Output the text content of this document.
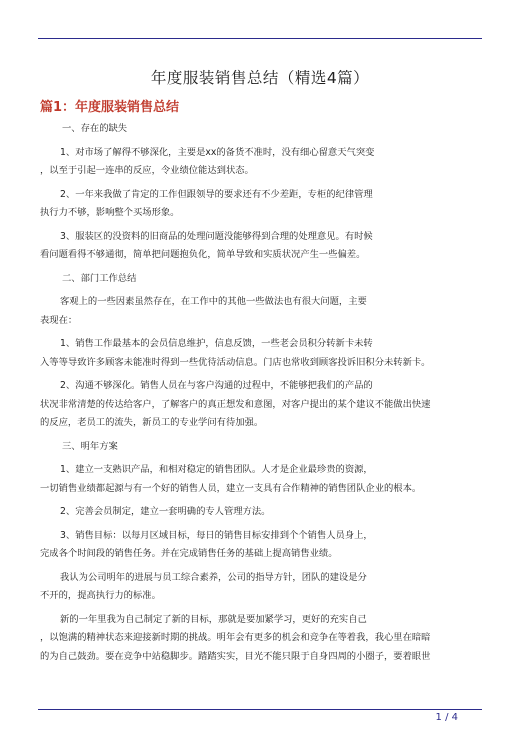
年度服装销售总结（精选4篇）
篇1：年度服装销售总结
一、存在的缺失
1、对市场了解得不够深化，主要是xx的备货不准时，没有细心留意天气突变
，以至于引起一连串的反应，令业绩位能达到状态。
2、一年来我做了肯定的工作但跟领导的要求还有不少差距，专柜的纪律管理
执行力不够，影响整个买场形象。
3、服装区的没资料的旧商品的处理问题没能够得到合理的处理意见。有时候
看问题看得不够通彻，简单把问题抱负化，简单导致和实质状况产生一些偏差。
二、部门工作总结
客观上的一些因素虽然存在，在工作中的其他一些做法也有很大问题，主要
表现在：
1、销售工作最基本的会员信息维护，信息反馈，一些老会员积分转新卡未转
入等等导致许多顾客未能准时得到一些优待活动信息。门店也常收到顾客投诉旧积分未转新卡。
2、沟通不够深化。销售人员在与客户沟通的过程中，不能够把我们的产品的
状况非常清楚的传达给客户，了解客户的真正想发和意图，对客户提出的某个建议不能做出快速
的反应，老员工的流失，新员工的专业学问有待加强。
三、明年方案
1、建立一支熟识产品，和相对稳定的销售团队。人才是企业最珍贵的资源，
一切销售业绩都起源与有一个好的销售人员，建立一支具有合作精神的销售团队企业的根本。
2、完善会员制定，建立一套明确的专人管理方法。
3、销售目标：以每月区域目标，每日的销售目标安排到个个销售人员身上，
完成各个时间段的销售任务。并在完成销售任务的基础上提高销售业绩。
我认为公司明年的进展与员工综合素养，公司的指导方针，团队的建设是分
不开的，提高执行力的标准。
新的一年里我为自己制定了新的目标，那就是要加紧学习，更好的充实自己
，以饱满的精神状态来迎接新时期的挑战。明年会有更多的机会和竞争在等着我，我心里在暗暗
的为自己鼓劲。要在竞争中站稳脚步。踏踏实实，目光不能只限于自身四周的小圈子，要着眼世
1 / 4
